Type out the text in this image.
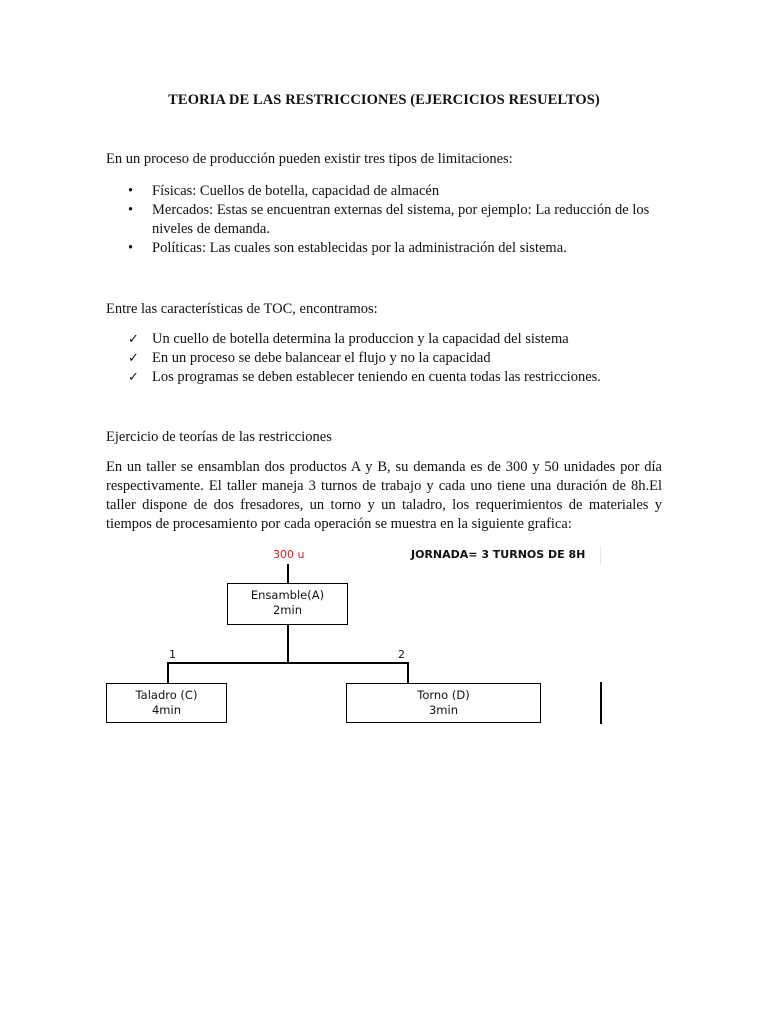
TEORIA DE LAS RESTRICCIONES (EJERCICIOS RESUELTOS)
En un proceso de producción pueden existir tres tipos de limitaciones:
• Físicas: Cuellos de botella, capacidad de almacén
• Mercados: Estas se encuentran externas del sistema, por ejemplo: La reducción de los niveles de demanda.
• Políticas: Las cuales son establecidas por la administración del sistema.
Entre las características de TOC, encontramos:
✓ Un cuello de botella determina la produccion y la capacidad del sistema
✓ En un proceso se debe balancear el flujo y no la capacidad
✓ Los programas se deben establecer teniendo en cuenta todas las restricciones.
Ejercicio de teorías de las restricciones
En un taller se ensamblan dos productos A y B, su demanda es de 300 y 50 unidades por día respectivamente. El taller maneja 3 turnos de trabajo y cada uno tiene una duración de 8h.El taller dispone de dos fresadores, un torno y un taladro, los requerimientos de materiales y tiempos de procesamiento por cada operación se muestra en la siguiente grafica:
300 u	JORNADA= 3 TURNOS DE 8H
Ensamble(A)
2min
1	2
Taladro (C)
4min
Torno (D)
3min
